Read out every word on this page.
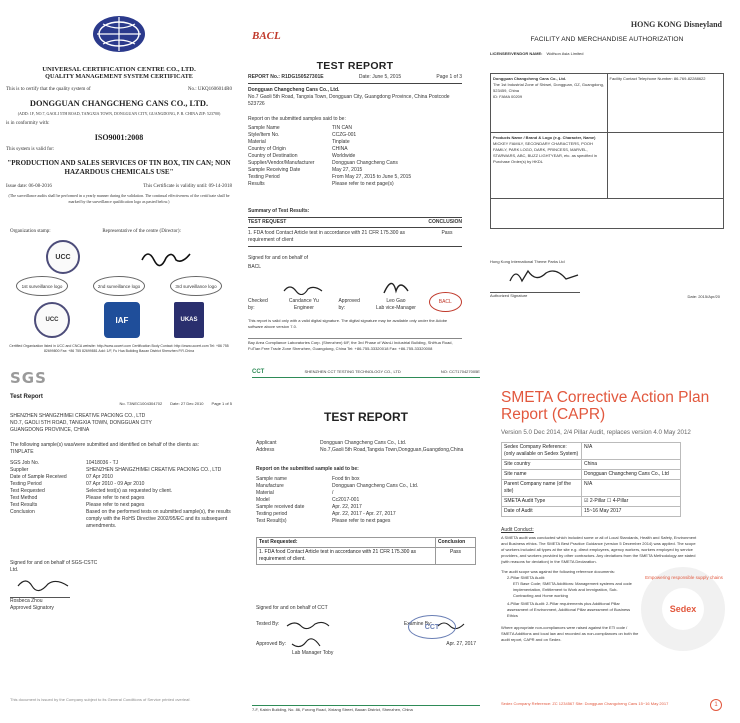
UNIVERSAL CERTIFICATION CENTRE CO., LTD.
QUALITY MANAGEMENT SYSTEM CERTIFICATE
This is to certify that the quality system of	No.: UKQ1606014R0
DONGGUAN CHANGCHENG CANS CO., LTD.
(ADD: 1F, NO.7, GAOLI 5TH ROAD, TANGXIA TOWN, DONGGUAN CITY, GUANGDONG, P. R. CHINA ZIP: 523700)
is in conformity with:
ISO9001:2008
This system is valid for:
"PRODUCTION AND SALES SERVICES OF TIN BOX, TIN CAN; NON HAZARDOUS CHEMICALS USE"
Issue date: 06-08-2016	This Certificate is validity until: 09-14-2018
(The surveillance audits shall be performed in a yearly manner during the validation. The continual effectiveness of the certificate shall be marked by the surveillance qualification logo as pasted below.)
Organization stamp:	Representative of the centre (Director):
UCC
1st surveillance logo	2nd surveillance logo	3rd surveillance logo
UCC	IAF	UKAS
Certified Organization listed in UCC and CNCA website: http://www.uccert.com Certification Body Contact: http://www.uccert.com Tel: +86 755 82699800 Fax: +86 755 82699881 Add: 1/F, Fu Hua Building Baoan District Shenzhen P.R.China
BACL
TEST REPORT
REPORT No.: R1DG150527301E	Date: June 5, 2015	Page 1 of 3
Dongguan Changcheng Cans Co., Ltd.
No.7 Gaoli 5th Road, Tangxia Town, Dongguan City, Guangdong Province, China Postcode 523726
Report on the submitted samples said to be:
Sample Name	TIN CAN
Style/Item No.	CCZG-001
Material	Tinplate
Country of Origin	CHINA
Country of Destination	Worldwide
Supplier/Vendor/Manufacturer	Dongguan Changcheng Cans
Sample Receiving Date	May 27, 2015
Testing Period	From May 27, 2015 to June 5, 2015
Results	Please refer to next page(s)
Summary of Test Results:
TEST REQUEST	CONCLUSION
1. FDA food Contact Article test in accordance with 21 CFR 175.300 as requirement of client
Pass
Signed for and on behalf of
BACL
Checked by:
Candance Yu
Engineer
Approved by:
Leo Gao
Lab vice-Manager
BACL
This report is valid only with a valid digital signature. The digital signature may be available only under the Adobe software above version 7.0.
Bay Area Compliance Laboratories Corp. (Shenzhen) 6/F, the 3rd Phase of WanLi Industrial Building, ShiHua Road, FuTian Free Trade Zone Shenzhen, Guangdong, China Tel: +86-755-33320018 Fax: +86-755-33320008
HONG KONG Disneyland
FACILITY AND MERCHANDISE AUTHORIZATION
LICENSEE/VENDOR NAME: Wolfson Asia Limited
Dongguan Changcheng Cans Co., Ltd.
The 1st Industrial Zone of Shiwei, Dongguan, GZ, Guangdong, 523459, China
ID: FAMA 00209
Facility Contact Telephone Number: 86-769-82288622
Products Name / Brand & Logo (e.g. Character, Name)
MICKEY FAMILY, SECONDARY CHARACTERS, POOH FAMILY, PARK LOGO, DARK, PRINCESS, MARVEL, STARWARS, ABC, BUZZ LIGHTYEAR, etc. as specified in Purchase Order(s) by HKDL
Hong Kong International Theme Parks Ltd
Authorized Signature	Date: 2015/Apr/20
SGS
Test Report
No. T3NEC1004304702 Date: 27 Dec 2010 Page 1 of 5
SHENZHEN SHANGZHIMEI CREATIVE PACKING CO., LTD
NO.7, GAOLI 5TH ROAD, TANGXIA TOWN, DONGGUAN CITY GUANGDONG PROVINCE, CHINA
The following sample(s) was/were submitted and identified on behalf of the clients as:
TINPLATE
SGS Job No.	10418036 - TJ
Supplier	SHENZHEN SHANGZHIMEI CREATIVE PACKING CO., LTD
Date of Sample Received	07 Apr 2010
Testing Period	07 Apr 2010 - 09 Apr 2010
Test Requested	Selected test(s) as requested by client.
Test Method	Please refer to next pages
Test Results	Please refer to next pages
Conclusion	Based on the performed tests on submitted sample(s), the results comply with the RoHS Directive 2002/95/EC and its subsequent amendments.
Signed for and on behalf of SGS-CSTC Ltd.
Rosbeca Zhou
Approved Signatory
This document is issued by the Company subject to its General Conditions of Service printed overleaf.
CCT	SHENZHEN CCT TESTING TECHNOLOGY CO., LTD	NO: CCT170427005E
TEST REPORT
Applicant	Dongguan Changcheng Cans Co., Ltd.
Address	No.7,Gaoli 5th Road,Tangxia Town,Dongguan,Guangdong,China
Report on the submitted sample said to be:
Sample name	Food tin box
Manufacture	Dongguan Changcheng Cans Co., Ltd.
Material	/
Model	Cc2017-001
Sample received date	Apr. 22, 2017
Testing period	Apr. 22, 2017 - Apr. 27, 2017
Test Result(s)	Please refer to next pages
Test Requested:	Conclusion
1. FDA food Contact Article test in accordance with 21 CFR 175.300 as requirement of client.	Pass
Signed for and on behalf of CCT
Tested By:	Examine By:
CCT
Approved By:	Apr. 27, 2017
Lab Manager Toby
7-F, Kaixin Building, No. 86, Furong Road, Xixiang Street, Baoan District, Shenzhen, China
SMETA Corrective Action Plan
Report (CAPR)
Version 5.0 Dec 2014, 2/4 Pillar Audit, replaces version 4.0 May 2012
Sedex Company Reference: (only available on Sedex System)	N/A
Site country	China
Site name	Dongguan Changcheng Cans Co., Ltd
Parent Company name (of the site)	N/A
SMETA Audit Type	☑ 2-Pillar ☐ 4-Pillar
Date of Audit	15~16 May 2017
Audit Conduct:
A SMETA audit was conducted which included some or all of Local Standards, Health and Safety, Environment and Business ethics. The SMETA Best Practice Guidance (version 5 December 2014) was applied. The scope of workers included all types at the site e.g. direct employees, agency workers, workers employed by service providers, and workers provided by other contractors. Any deviations from the SMETA Methodology are stated (with reasons for deviation) in the SMETA Declaration.
The audit scope was against the following reference documents:
2-Pillar SMETA Audit:
ETI Base Code; SMETA Additions: Management systems and code implementation, Entitlement to Work and Immigration, Sub-Contracting and Home working
4-Pillar SMETA Audit: 2-Pillar requirements plus Additional Pillar assessment of Environment, Additional Pillar assessment of Business Ethics
Where appropriate non-compliances were raised against the ETI code / SMETA Additions and local law and recorded as non-compliances on both the audit report, CAPR and on Sedex.
Sedex
Empowering responsible supply chains
Sedex Company Reference: ZC 1234567 Site: Dongguan Changcheng Cans 15~16 May 2017	1
